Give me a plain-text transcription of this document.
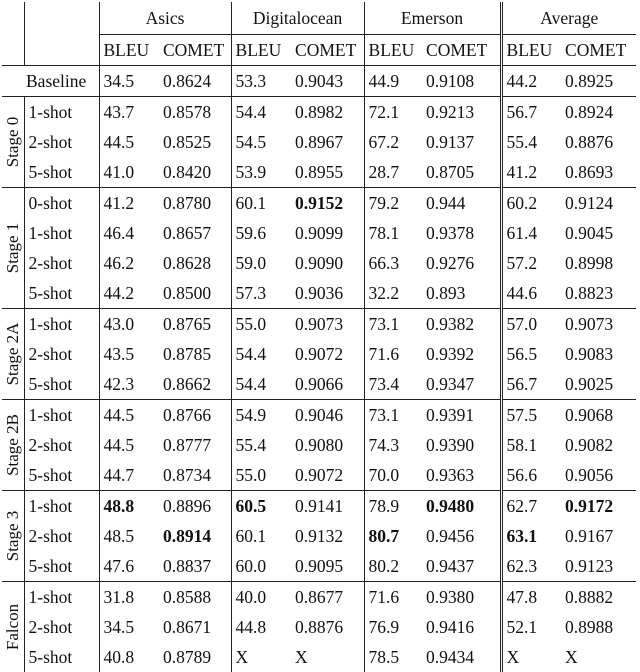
		Asics		Digitalocean		Emerson		Average	
		BLEU	COMET	BLEU	COMET	BLEU	COMET	BLEU	COMET
	Baseline	34.5	0.8624	53.3	0.9043	44.9	0.9108	44.2	0.8925

Stage 0	1-shot	43.7	0.8578	54.4	0.8982	72.1	0.9213	56.7	0.8924
	2-shot	44.5	0.8525	54.5	0.8967	67.2	0.9137	55.4	0.8876
	5-shot	41.0	0.8420	53.9	0.8955	28.7	0.8705	41.2	0.8693

Stage 1	0-shot	41.2	0.8780	60.1	0.9152	79.2	0.944	60.2	0.9124
	1-shot	46.4	0.8657	59.6	0.9099	78.1	0.9378	61.4	0.9045
	2-shot	46.2	0.8628	59.0	0.9090	66.3	0.9276	57.2	0.8998
	5-shot	44.2	0.8500	57.3	0.9036	32.2	0.893	44.6	0.8823

Stage 2A	1-shot	43.0	0.8765	55.0	0.9073	73.1	0.9382	57.0	0.9073
	2-shot	43.5	0.8785	54.4	0.9072	71.6	0.9392	56.5	0.9083
	5-shot	42.3	0.8662	54.4	0.9066	73.4	0.9347	56.7	0.9025

Stage 2B	1-shot	44.5	0.8766	54.9	0.9046	73.1	0.9391	57.5	0.9068
	2-shot	44.5	0.8777	55.4	0.9080	74.3	0.9390	58.1	0.9082
	5-shot	44.7	0.8734	55.0	0.9072	70.0	0.9363	56.6	0.9056

Stage 3	1-shot	48.8	0.8896	60.5	0.9141	78.9	0.9480	62.7	0.9172
	2-shot	48.5	0.8914	60.1	0.9132	80.7	0.9456	63.1	0.9167
	5-shot	47.6	0.8837	60.0	0.9095	80.2	0.9437	62.3	0.9123

Falcon	1-shot	31.8	0.8588	40.0	0.8677	71.6	0.9380	47.8	0.8882
	2-shot	34.5	0.8671	44.8	0.8876	76.9	0.9416	52.1	0.8988
	5-shot	40.8	0.8789	X	X	78.5	0.9434	X	X
